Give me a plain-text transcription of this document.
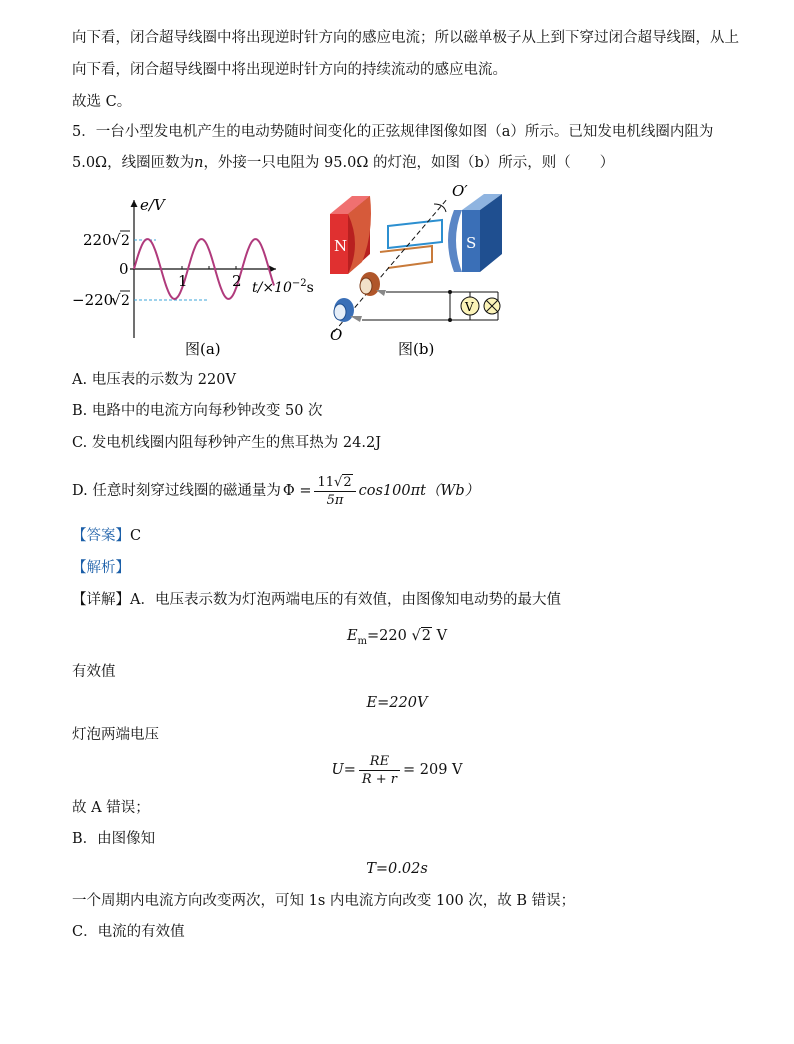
向下看，闭合超导线圈中将出现逆时针方向的感应电流；所以磁单极子从上到下穿过闭合超导线圈，从上
向下看，闭合超导线圈中将出现逆时针方向的持续流动的感应电流。
故选 C。
5．一台小型发电机产生的电动势随时间变化的正弦规律图像如图（a）所示。已知发电机线圈内阻为
5.0Ω，线圈匝数为n，外接一只电阻为 95.0Ω 的灯泡，如图（b）所示，则（　　）
e/V
220 √ 2
0
−220
√ 2
1	2 $t/\times 10^{-2}s$
图(a)
N	S
O′
V
O
图(b)
A. 电压表的示数为 220V
B. 电路中的电流方向每秒钟改变 50 次
C. 发电机线圈内阻每秒钟产生的焦耳热为 24.2J
D. 任意时刻穿过线圈的磁通量为 $\Phi = \frac{11√2}{5\pi} \cos 100\pi t(Wb)$
【答案】C
【解析】
【详解】A．电压表示数为灯泡两端电压的有效值，由图像知电动势的最大值
$E_m=220$ √2 V
有效值
E=220V
灯泡两端电压
$U= \frac{RE}{R + r} = 209$ V
故 A 错误；
B．由图像知
T=0.02s
一个周期内电流方向改变两次，可知 1s 内电流方向改变 100 次，故 B 错误；
C．电流的有效值
